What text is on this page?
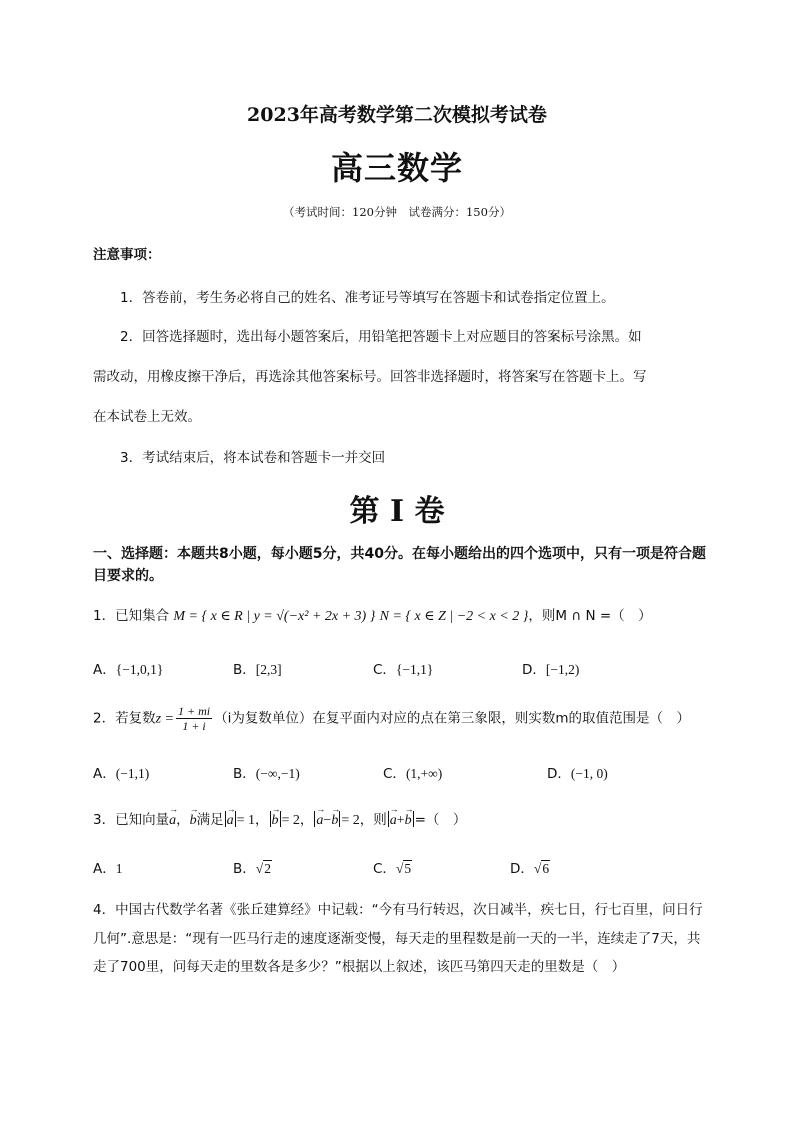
2023年高考数学第二次模拟考试卷
高三数学
（考试时间：120分钟　试卷满分：150分）
注意事项：
1．答卷前，考生务必将自己的姓名、准考证号等填写在答题卡和试卷指定位置上。
2．回答选择题时，选出每小题答案后，用铅笔把答题卡上对应题目的答案标号涂黑。如
需改动，用橡皮擦干净后，再选涂其他答案标号。回答非选择题时，将答案写在答题卡上。写
在本试卷上无效。
3．考试结束后，将本试卷和答题卡一并交回
第 I 卷
一、选择题：本题共8小题，每小题5分，共40分。在每小题给出的四个选项中，只有一项是符合题目要求的。
1．已知集合 M = { x ∈ R | y = √(−x² + 2x + 3) } N = { x ∈ Z | −2 < x < 2 }，则M ∩ N =（　）
A．{−1,0,1}	B．[2,3]	C．{−1,1}	D．[−1,2)
2．若复数$z = \frac{1 + mi}{1 + i} (i$为复数单位）在复平面内对应的点在第三象限，则实数m的取值范围是（　）
A．(−1,1)	B．(−∞,−1)	C．(1,+∞)	D．(−1, 0)
3．已知向量→ a，→ b满足 → a = 1， → b = 2， → a−→ b = 2，则 → a+→ b =（　）
A．1	B．√2	C．√5	D．√6
4．中国古代数学名著《张丘建算经》中记载：“今有马行转迟，次日减半，疾七日，行七百里，问日行几何”.意思是：“现有一匹马行走的速度逐渐变慢，每天走的里程数是前一天的一半，连续走了7天，共走了700里，问每天走的里数各是多少？”根据以上叙述，该匹马第四天走的里数是（　）
